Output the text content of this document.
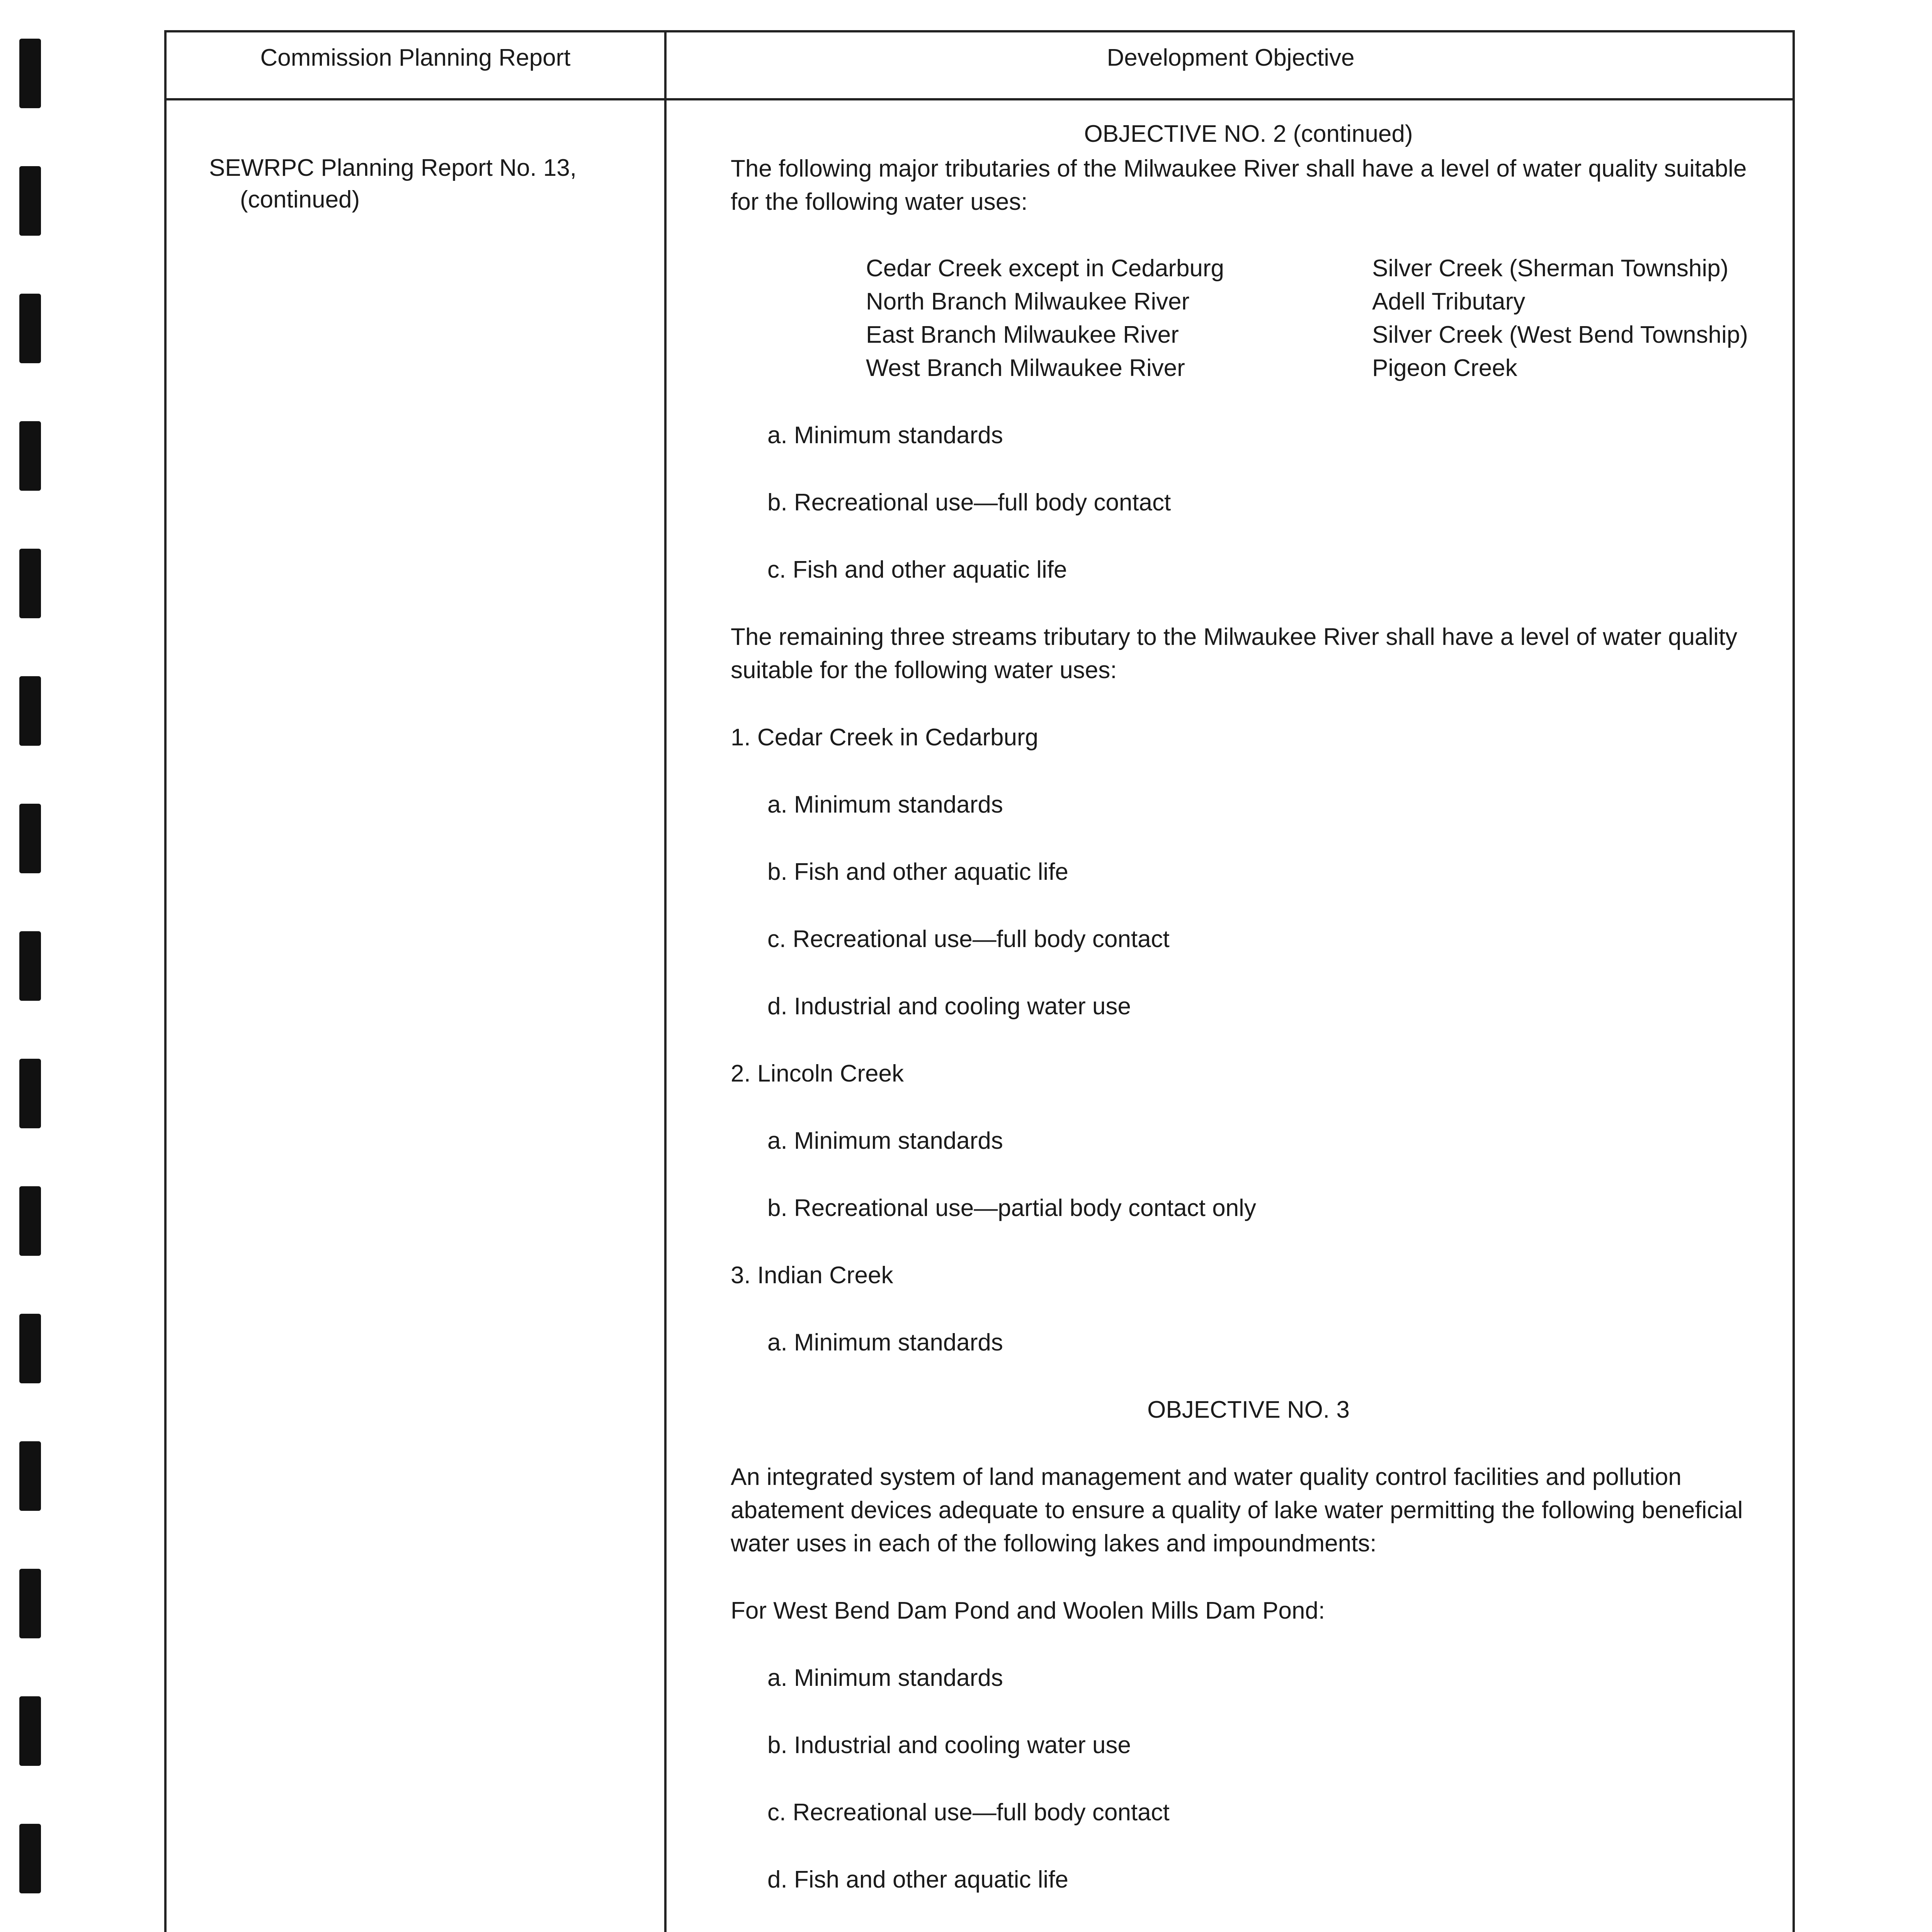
Commission Planning Report	Development Objective
SEWRPC Planning Report No. 13,
(continued)
OBJECTIVE NO. 2 (continued)
The following major tributaries of the Milwaukee River shall have a level of water quality suitable for the following water uses:
Cedar Creek except in Cedarburg
North Branch Milwaukee River
East Branch Milwaukee River
West Branch Milwaukee River
Silver Creek (Sherman Township)
Adell Tributary
Silver Creek (West Bend Township)
Pigeon Creek
a. Minimum standards
b. Recreational use—full body contact
c. Fish and other aquatic life
The remaining three streams tributary to the Milwaukee River shall have a level of water quality suitable for the following water uses:
1. Cedar Creek in Cedarburg
a. Minimum standards
b. Fish and other aquatic life
c. Recreational use—full body contact
d. Industrial and cooling water use
2. Lincoln Creek
a. Minimum standards
b. Recreational use—partial body contact only
3. Indian Creek
a. Minimum standards
OBJECTIVE NO. 3
An integrated system of land management and water quality control facilities and pollution abatement devices adequate to ensure a quality of lake water permitting the following beneficial water uses in each of the following lakes and impoundments:
For West Bend Dam Pond and Woolen Mills Dam Pond:
a. Minimum standards
b. Industrial and cooling water use
c. Recreational use—full body contact
d. Fish and other aquatic life
